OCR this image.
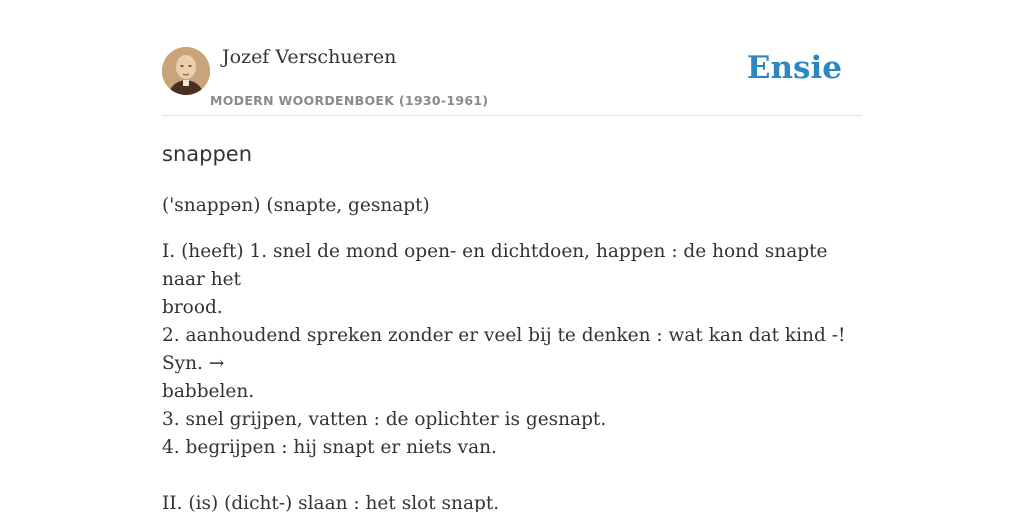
Jozef Verschueren
MODERN WOORDENBOEK (1930-1961)
Ensie
snappen
('snappən) (snapte, gesnapt)
I. (heeft) 1. snel de mond open- en dichtdoen, happen : de hond snapte naar het
brood.
2. aanhoudend spreken zonder er veel bij te denken : wat kan dat kind -! Syn. →
babbelen.
3. snel grijpen, vatten : de oplichter is gesnapt.
4. begrijpen : hij snapt er niets van.
II. (is) (dicht-) slaan : het slot snapt.
